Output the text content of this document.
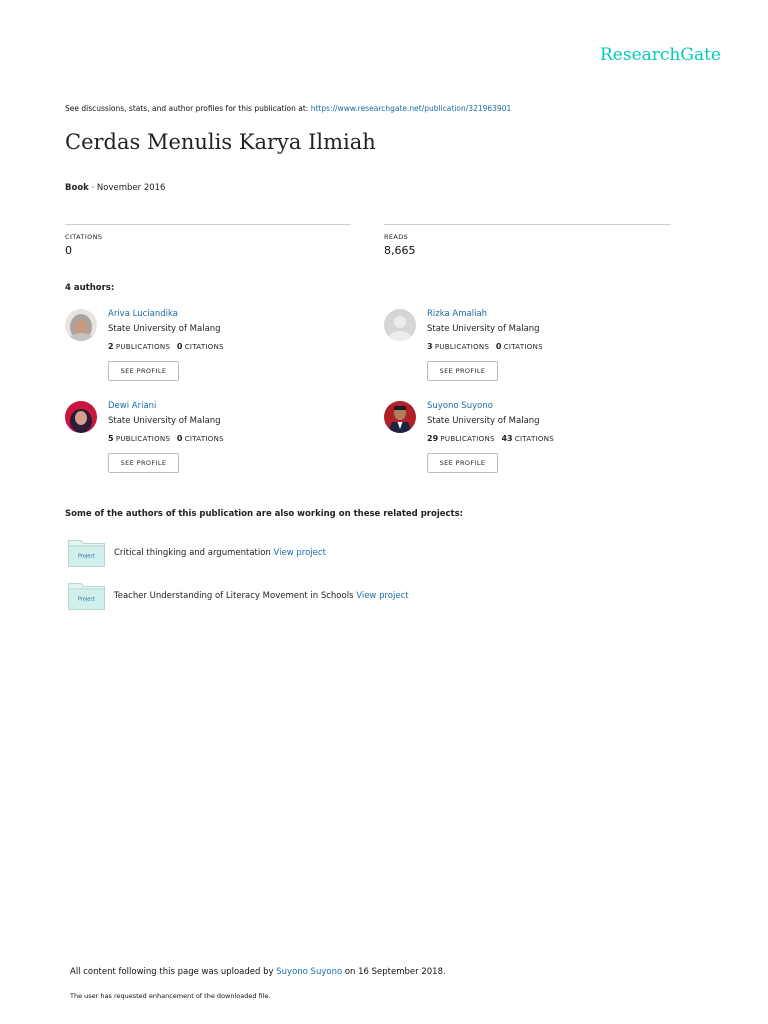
ResearchGate
See discussions, stats, and author profiles for this publication at: https://www.researchgate.net/publication/321963901
Cerdas Menulis Karya Ilmiah
Book · November 2016
CITATIONS
0
READS
8,665
4 authors:
Ariva Luciandika
State University of Malang
2 PUBLICATIONS 0 CITATIONS
SEE PROFILE
Rizka Amaliah
State University of Malang
3 PUBLICATIONS 0 CITATIONS
SEE PROFILE
Dewi Ariani
State University of Malang
5 PUBLICATIONS 0 CITATIONS
SEE PROFILE
Suyono Suyono
State University of Malang
29 PUBLICATIONS 43 CITATIONS
SEE PROFILE
Some of the authors of this publication are also working on these related projects:
Project Critical thingking and argumentation View project
Project Teacher Understanding of Literacy Movement in Schools View project
All content following this page was uploaded by Suyono Suyono on 16 September 2018.
The user has requested enhancement of the downloaded file.
